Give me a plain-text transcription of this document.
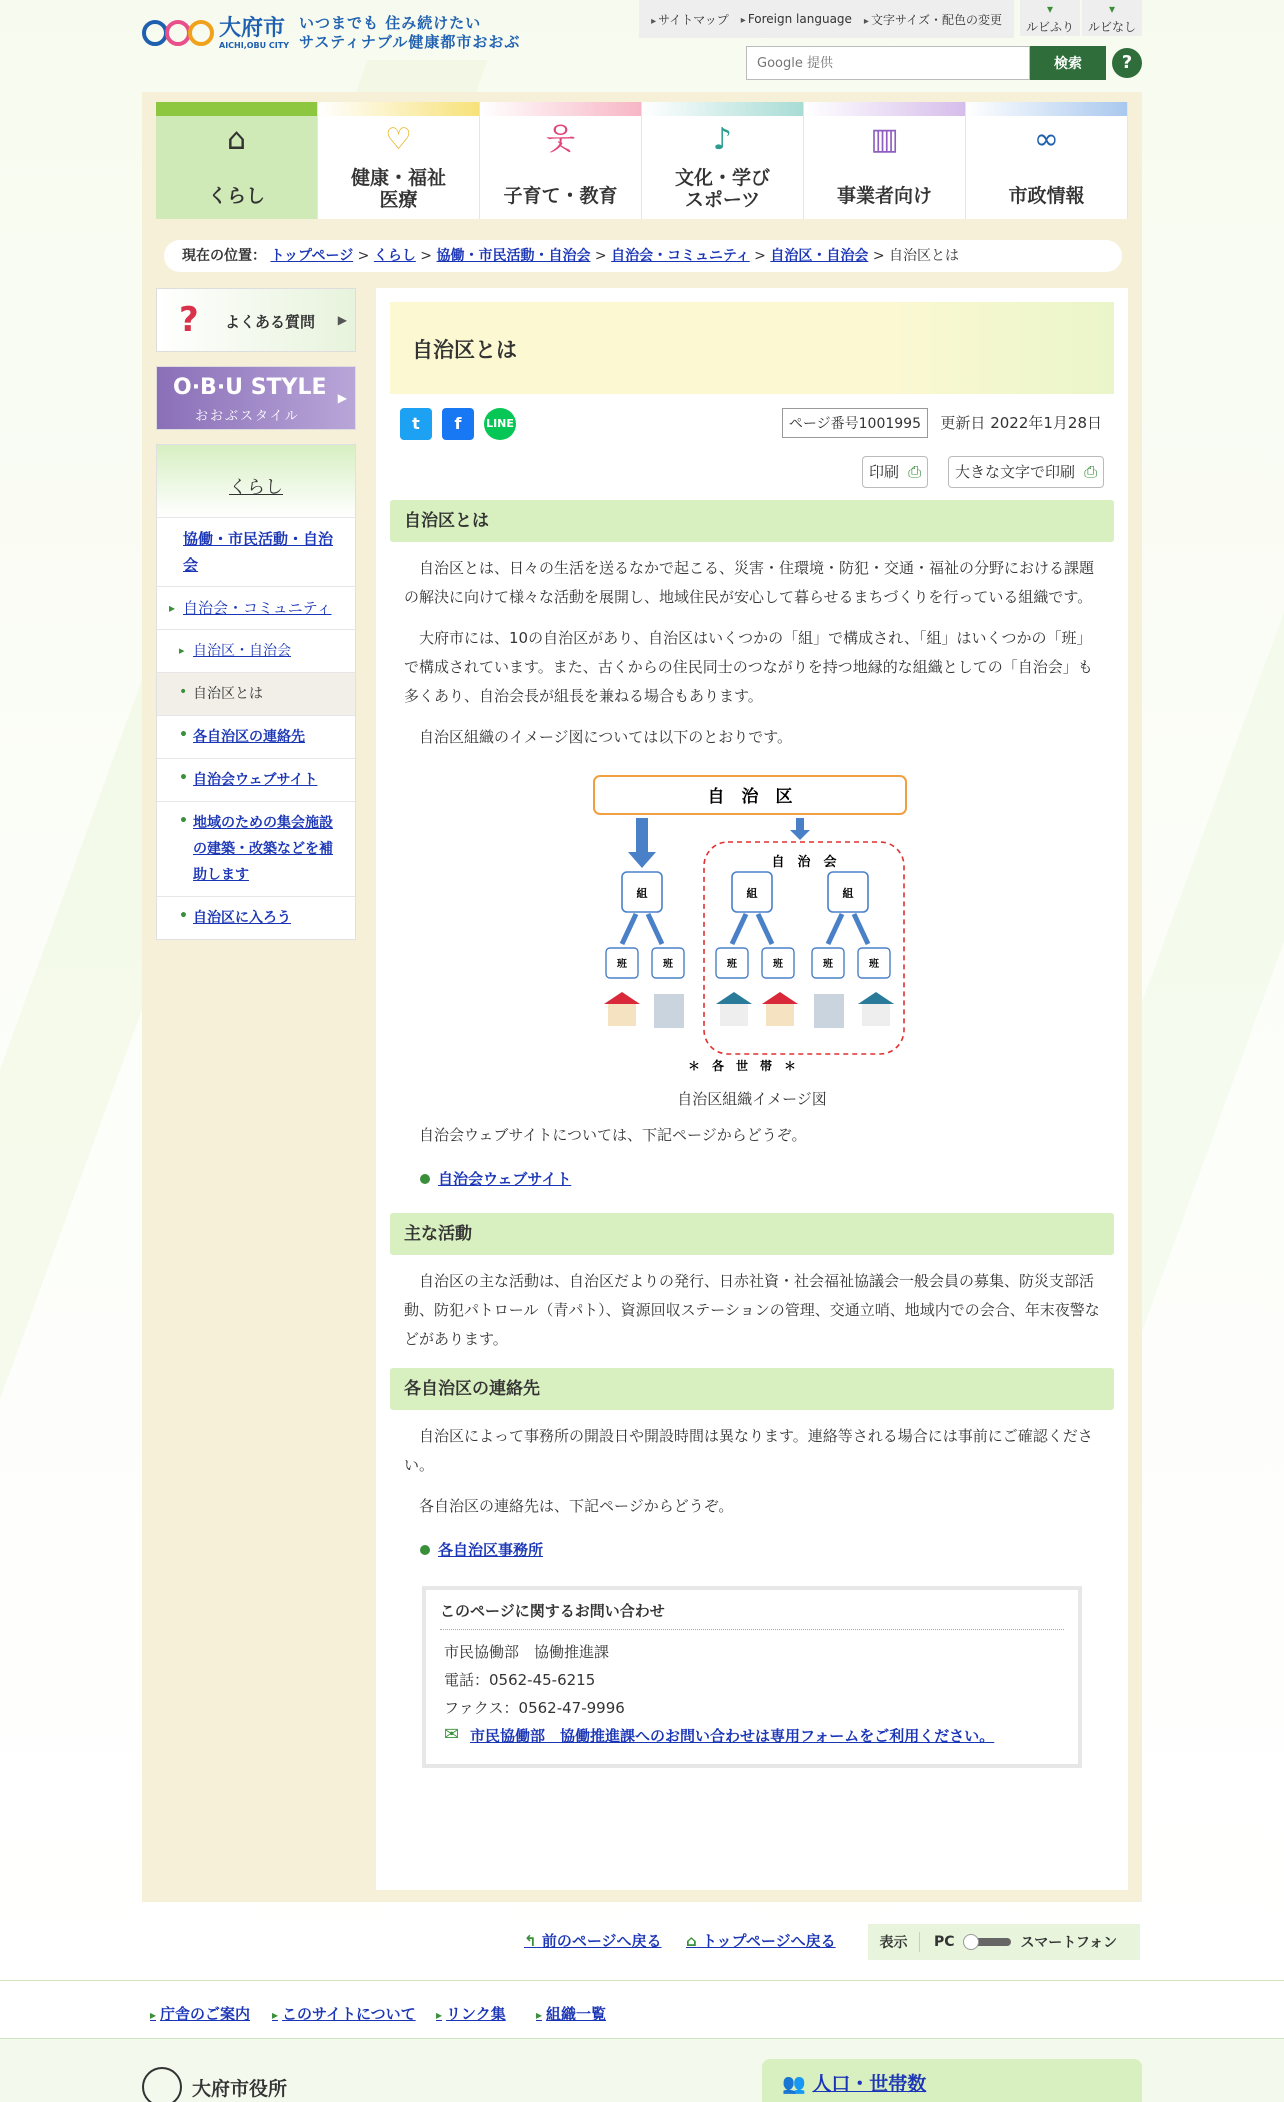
大府市
AICHI,OBU CITY
いつまでも 住み続けたい
サスティナブル健康都市おおぶ
▸ サイトマップ	▸ Foreign language	▸ 文字サイズ・配色の変更
▾ ルビふり	▾ ルビなし
Google 提供
検索	?
⌂
くらし
♡
健康・福祉 医療
웃
子育て・教育
♪
文化・学び スポーツ
▥
事業者向け
∞
市政情報
現在の位置： トップページ > くらし > 協働・市民活動・自治会 > 自治会・コミュニティ > 自治区・自治会 > 自治区とは
?	よくある質問 ▶
O·B·U STYLE
おおぶスタイル
▶
くらし
協働・市民活動・自治会
▸ 自治会・コミュニティ
▸ 自治区・自治会
• 自治区とは
• 各自治区の連絡先
• 自治会ウェブサイト
• 地域のための集会施設の建築・改築などを補助します
• 自治区に入ろう
自治区とは
t	f	LINE	ページ番号1001995	更新日 2022年1月28日
印刷 ⎙	大きな文字で印刷 ⎙
自治区とは

自治区とは、日々の生活を送るなかで起こる、災害・住環境・防犯・交通・福祉の分野における課題の解決に向けて様々な活動を展開し、地域住民が安心して暮らせるまちづくりを行っている組織です。

大府市には、10の自治区があり、自治区はいくつかの「組」で構成され、「組」はいくつかの「班」で構成されています。また、古くからの住民同士のつながりを持つ地縁的な組織としての「自治会」も多くあり、自治会長が組長を兼ねる場合もあります。

自治区組織のイメージ図については以下のとおりです。

自　治　区
自　治　会
組	組	組
班	班	班	班	班	班
＊　各　世　帯　＊
自治区組織イメージ図

自治会ウェブサイトについては、下記ページからどうぞ。

自治会ウェブサイト
主な活動

自治区の主な活動は、自治区だよりの発行、日赤社資・社会福祉協議会一般会員の募集、防災支部活動、防犯パトロール（青パト）、資源回収ステーションの管理、交通立哨、地域内での会合、年末夜警などがあります。

各自治区の連絡先

自治区によって事務所の開設日や開設時間は異なります。連絡等される場合には事前にご確認ください。

各自治区の連絡先は、下記ページからどうぞ。

各自治区事務所
このページに関するお問い合わせ

市民協働部　協働推進課

電話：0562-45-6215

ファクス：0562-47-9996

✉ 市民協働部　協働推進課へのお問い合わせは専用フォームをご利用ください。

↰ 前のページへ戻る ⌂ トップページへ戻る	表示	PC	スマートフォン
▸ 庁舎のご案内	▸ このサイトについて	▸ リンク集	▸ 組織一覧
大府市役所	👥 人口・世帯数
